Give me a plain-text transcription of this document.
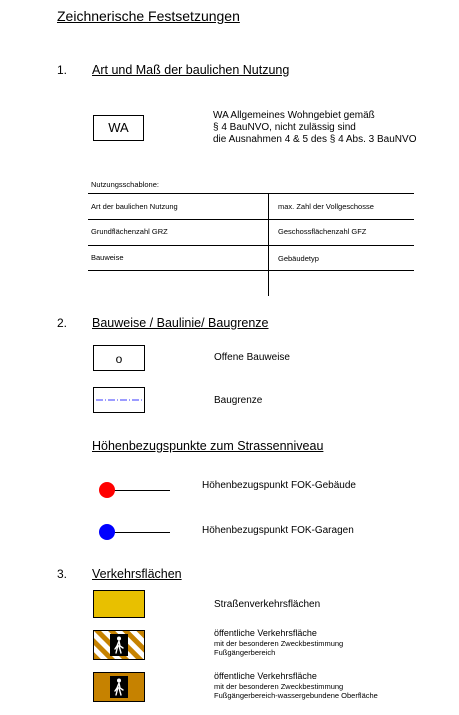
Zeichnerische Festsetzungen
1. Art und Maß der baulichen Nutzung
WA
WA Allgemeines Wohngebiet gemäß
§ 4 BauNVO, nicht zulässig sind
die Ausnahmen 4 & 5 des § 4 Abs. 3 BauNVO
Nutzungsschablone:
Art der baulichen Nutzung	max. Zahl der Vollgeschosse
Grundflächenzahl GRZ	Geschossflächenzahl GFZ
Bauweise	Gebäudetyp
2. Bauweise / Baulinie/ Baugrenze
o	Offene Bauweise
Baugrenze
Höhenbezugspunkte zum Strassenniveau
Höhenbezugspunkt FOK-Gebäude
Höhenbezugspunkt FOK-Garagen
3. Verkehrsflächen
Straßenverkehrsflächen
öffentliche Verkehrsfläche
mit der besonderen Zweckbestimmung
Fußgängerbereich
öffentliche Verkehrsfläche
mit der besonderen Zweckbestimmung
Fußgängerbereich-wassergebundene Oberfläche
